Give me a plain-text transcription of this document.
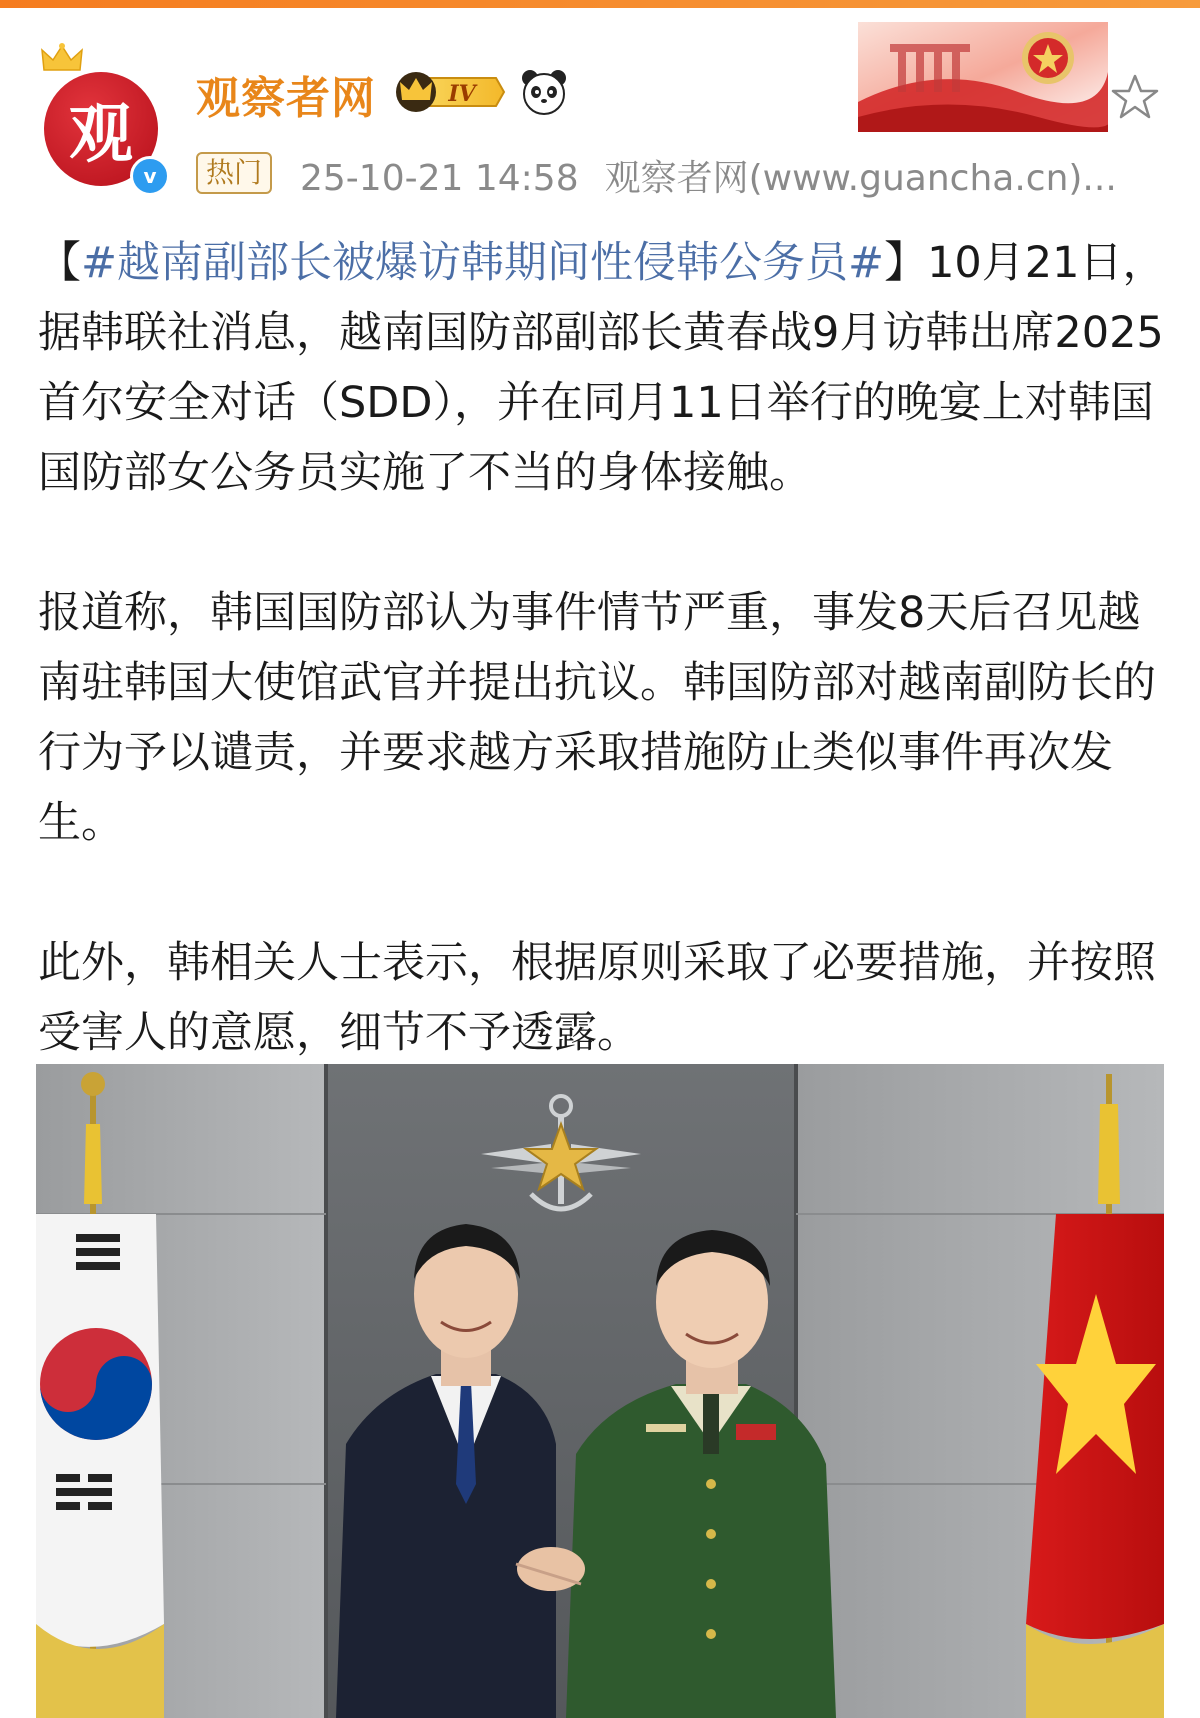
观
v
观察者网	IV
热门 25-10-21 14:58 观察者网(www.guancha.cn)...

【#越南副部长被爆访韩期间性侵韩公务员#】10月21日，据韩联社消息，越南国防部副部长黄春战9月访韩出席2025首尔安全对话（SDD），并在同月11日举行的晚宴上对韩国国防部女公务员实施了不当的身体接触。

报道称，韩国国防部认为事件情节严重，事发8天后召见越南驻韩国大使馆武官并提出抗议。韩国防部对越南副防长的行为予以谴责，并要求越方采取措施防止类似事件再次发生。

此外，韩相关人士表示，根据原则采取了必要措施，并按照受害人的意愿，细节不予透露。
